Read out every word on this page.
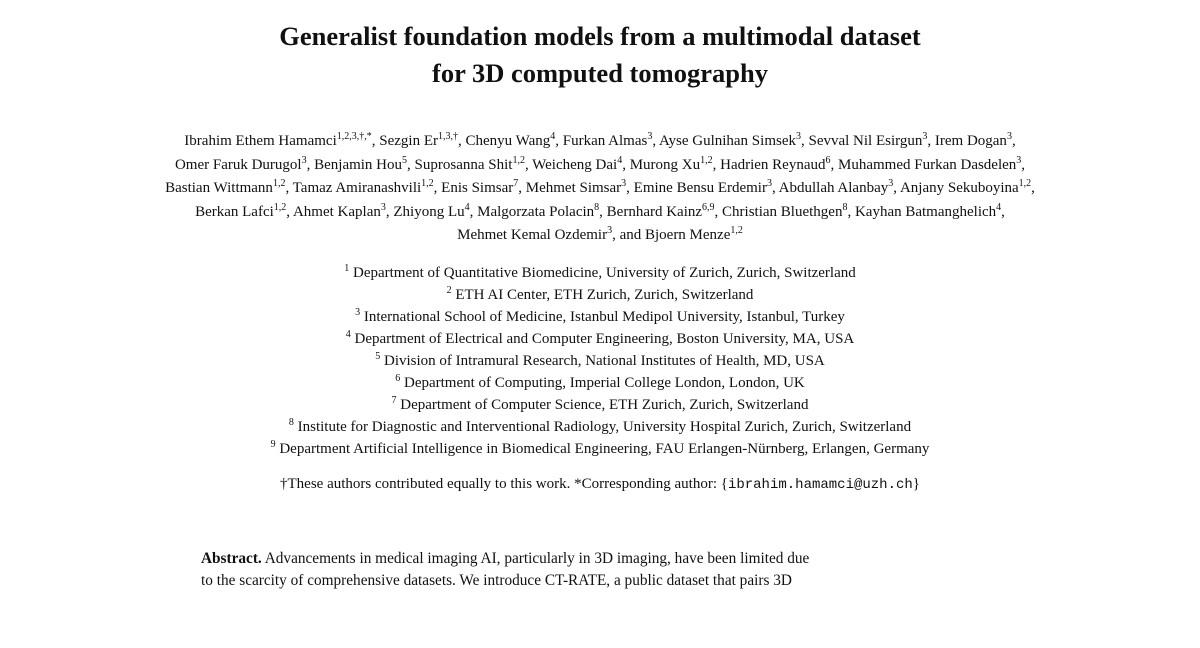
Generalist foundation models from a multimodal dataset
for 3D computed tomography
Ibrahim Ethem Hamamci$^{1,2,3,\dagger,*}$, Sezgin $Er^{1,3,\dagger}$, Chenyu Wang$^4$, Furkan Almas$^3$, Ayse Gulnihan Simsek$^3$, Sevval Nil Esirgun$^3$, Irem Dogan$^3$, Omer Faruk Durugol$^3$, Benjamin Hou$^5$, Suprosanna Shit$^{1,2}$, Weicheng Dai$^4$, Murong Xu$^{1,2}$, Hadrien Reynaud$^6$, Muhammed Furkan Dasdelen$^3$, Bastian Wittmann$^{1,2}$, Tamaz Amiranashvili$^{1,2}$, Enis Simsar$^7$, Mehmet Simsar$^3$, Emine Bensu Erdemir$^3$, Abdullah Alanbay$^3$, Anjany Sekuboyina$^{1,2}$, Berkan Lafci$^{1,2}$, Ahmet Kaplan$^3$, Zhiyong Lu$^4$, Malgorzata Polacin$^8$, Bernhard Kainz$^{6,9}$, Christian Bluethgen$^8$, Kayhan Batmanghelich$^4$, Mehmet Kemal Ozdemir$^3$, and Bjoern Menze$^{1,2}$
$^1$ Department of Quantitative Biomedicine, University of Zurich, Zurich, Switzerland
$^2$ ETH AI Center, ETH Zurich, Zurich, Switzerland
$^3$ International School of Medicine, Istanbul Medipol University, Istanbul, Turkey
$^4$ Department of Electrical and Computer Engineering, Boston University, MA, USA
$^5$ Division of Intramural Research, National Institutes of Health, MD, USA
$^6$ Department of Computing, Imperial College London, London, UK
$^7$ Department of Computer Science, ETH Zurich, Zurich, Switzerland
$^8$ Institute for Diagnostic and Interventional Radiology, University Hospital Zurich, Zurich, Switzerland
$^9$ Department Artificial Intelligence in Biomedical Engineering, FAU Erlangen-Nürnberg, Erlangen, Germany
†These authors contributed equally to this work. *Corresponding author: {ibrahim.hamamci@uzh.ch}
Abstract. Advancements in medical imaging AI, particularly in 3D imaging, have been limited due
to the scarcity of comprehensive datasets. We introduce CT-RATE, a public dataset that pairs 3D
